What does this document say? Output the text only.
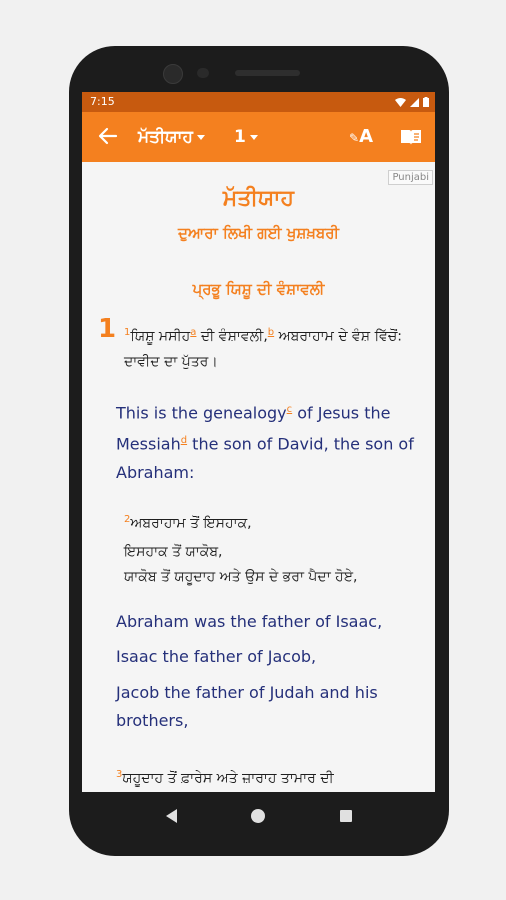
7:15
ਮੱਤੀਯਾਹ 1	✎A
Punjabi
ਮੱਤੀਯਾਹ
ਦੁਆਰਾ ਲਿਖੀ ਗਈ ਖੁਸ਼ਖ਼ਬਰੀ
ਪ੍ਰਭੂ ਯਿਸ਼ੂ ਦੀ ਵੰਸ਼ਾਵਲੀ
1 $^1$ਯਿਸ਼ੂ ਮਸੀਹ$^a$ ਦੀ ਵੰਸ਼ਾਵਲੀ,$^b$ ਅਬਰਾਹਾਮ ਦੇ ਵੰਸ਼ ਵਿੱਚੋਂ: ਦਾਵੀਦ ਦਾ ਪੁੱਤਰ।
This is the genealogy$^c$ of Jesus the Messiah$^d$ the son of David, the son of Abraham:
$^2$ਅਬਰਾਹਾਮ ਤੋਂ ਇਸਹਾਕ,
ਇਸਹਾਕ ਤੋਂ ਯਾਕੋਬ,
ਯਾਕੋਬ ਤੋਂ ਯਹੂਦਾਹ ਅਤੇ ਉਸ ਦੇ ਭਰਾ ਪੈਦਾ ਹੋਏ,
Abraham was the father of Isaac,
Isaac the father of Jacob,
Jacob the father of Judah and his brothers,
$^3$ਯਹੂਦਾਹ ਤੋਂ ਫ਼ਾਰੇਸ ਅਤੇ ਜ਼ਾਰਾਹ ਤਾਮਾਰ ਦੀ
